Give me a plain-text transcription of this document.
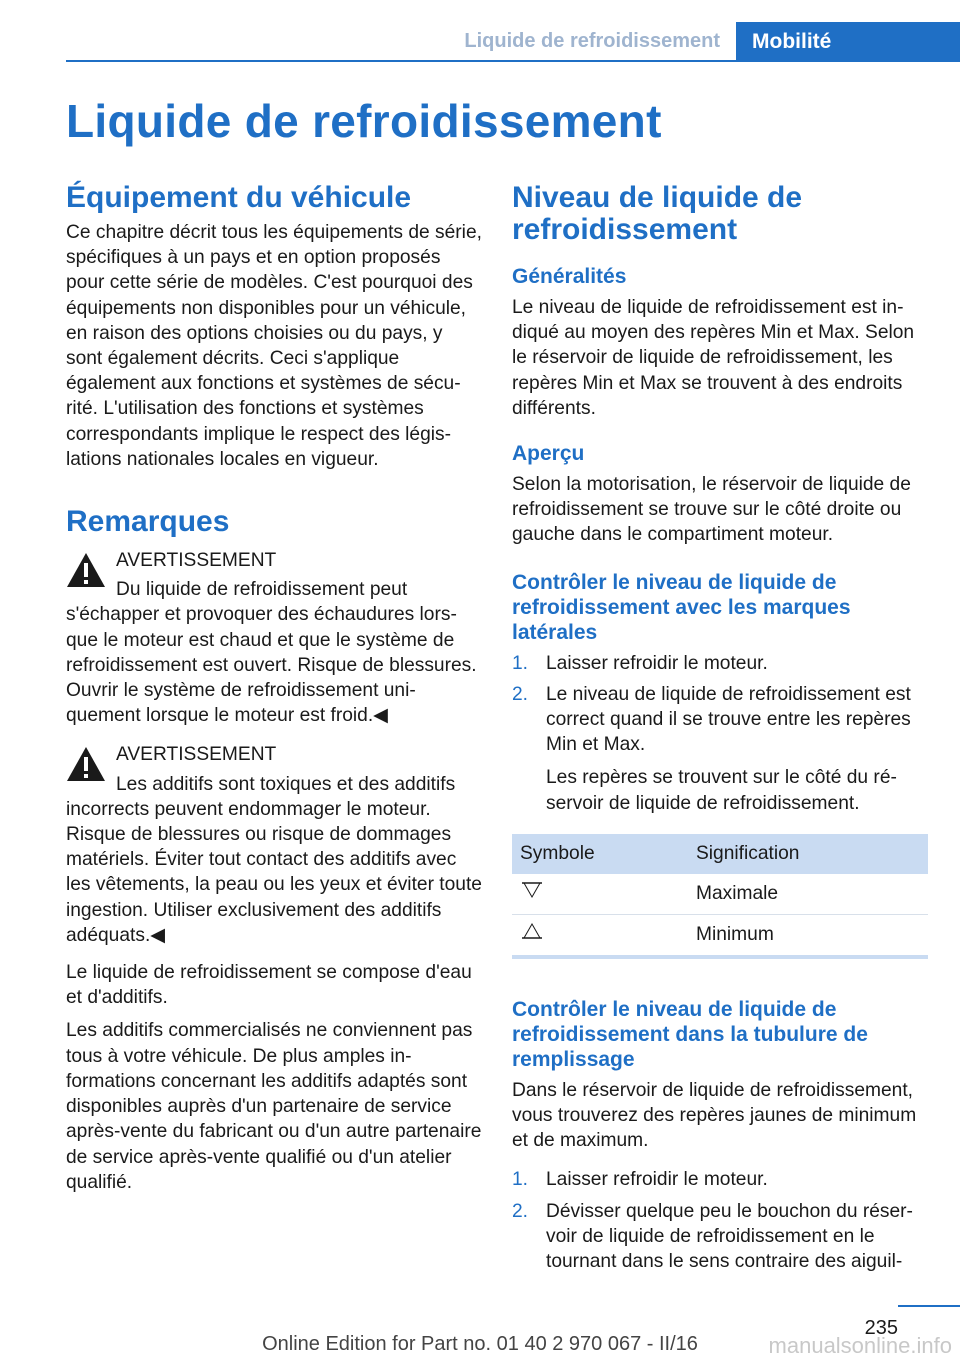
Liquide de refroidissement	Mobilité
Liquide de refroidissement
Équipement du véhicule

Ce chapitre décrit tous les équipements de série, spécifiques à un pays et en option proposés pour cette série de modèles. C'est pourquoi des équipements non disponibles pour un véhicule, en raison des options choisies ou du pays, y sont également décrits. Ceci s'applique également aux fonctions et systèmes de sécurité. L'utilisation des fonctions et systèmes correspondants implique le respect des législations nationales locales en vigueur.

Remarques

AVERTISSEMENT

Du liquide de refroidissement peut s'échapper et provoquer des échaudures lorsque le moteur est chaud et que le système de refroidissement est ouvert. Risque de blessures. Ouvrir le système de refroidissement uniquement lorsque le moteur est froid.◀

AVERTISSEMENT

Les additifs sont toxiques et des additifs incorrects peuvent endommager le moteur. Risque de blessures ou risque de dommages matériels. Éviter tout contact des additifs avec les vêtements, la peau ou les yeux et éviter toute ingestion. Utiliser exclusivement des additifs adéquats.◀

Le liquide de refroidissement se compose d'eau et d'additifs.

Les additifs commercialisés ne conviennent pas tous à votre véhicule. De plus amples informations concernant les additifs adaptés sont disponibles auprès d'un partenaire de service après-vente du fabricant ou d'un autre partenaire de service après-vente qualifié ou d'un atelier qualifié.

Niveau de liquide de refroidissement
Généralités

Le niveau de liquide de refroidissement est indiqué au moyen des repères Min et Max. Selon le réservoir de liquide de refroidissement, les repères Min et Max se trouvent à des endroits différents.

Aperçu

Selon la motorisation, le réservoir de liquide de refroidissement se trouve sur le côté droite ou gauche dans le compartiment moteur.

Contrôler le niveau de liquide de refroidissement avec les marques latérales
1. Laisser refroidir le moteur.
2. Le niveau de liquide de refroidissement est correct quand il se trouve entre les repères Min et Max.

Les repères se trouvent sur le côté du réservoir de liquide de refroidissement.

Symbole	Signification
	Maximale
	Minimum
Contrôler le niveau de liquide de refroidissement dans la tubulure de remplissage

Dans le réservoir de liquide de refroidissement, vous trouverez des repères jaunes de minimum et de maximum.

1. Laisser refroidir le moteur.
2. Dévisser quelque peu le bouchon du réservoir de liquide de refroidissement en le tournant dans le sens contraire des aiguil-
235
Online Edition for Part no. 01 40 2 970 067 - II/16	manualsonline.info
